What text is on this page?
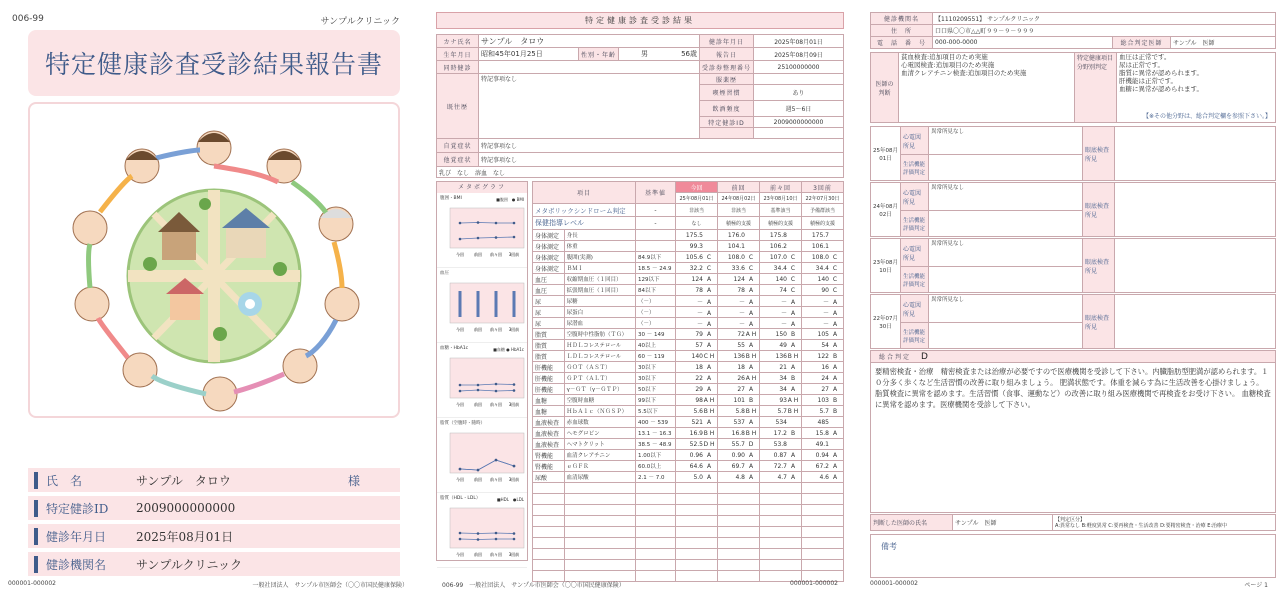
006-99	サンプルクリニック
特定健康診査受診結果報告書
氏　名	サンプル　タロウ	様
特定健診ID	2009000000000
健診年月日	2025年08月01日
健診機関名	サンプルクリニック
000001-000002	一般社団法人　サンプル市医師会（〇〇市国民健康保険）
特定健康診査受診結果
カナ氏名	サンプル　タロウ			健診年月日	2025年08月01日
生年月日	昭和45年01月25日	性別・年齢	男 56歳	報告日	2025年08月09日
同時健診				受診券整理番号	25100000000
既往歴	特記事項なし			服薬歴	
				喫煙習慣	あり
				飲酒頻度	週5～6日
				特定健診ID	2009000000000

自覚症状	特記事項なし				
他覚症状	特記事項なし				
乳び　なし　溶血　なし					
メタボグラフ
腹囲・BMI	■腹囲　● BMI
今回	前回 前々回 3回前
血圧
今回	前回 前々回 3回前
血糖・HbA1c	■血糖 ● HbA1c
今回	前回 前々回 3回前
脂質（空腹時・随時）
今回	前回 前々回 3回前
脂質（HDL・LDL）	■HDL　●LDL
今回	前回 前々回 3回前
項目		基準値	今回	前回	前々回	3回前
			25年08月01日	24年08月02日	23年08月10日	22年07月30日
メタボリックシンドローム判定		-	非該当	非該当	基準該当	予備群該当
保健指導レベル		-	なし	積極的支援	積極的支援	積極的支援
身体測定	身長		175.5	176.0	175.8	175.7
身体測定	体重		99.3	104.1	106.2	106.1
身体測定	腹囲(実測)	84.9以下	105.6 C	108.0 C	107.0 C	108.0 C
身体測定	ＢＭＩ	18.5 － 24.9	32.2 C	33.6 C	34.4 C	34.4 C
血圧	収縮期血圧（１回目）	129以下	124 A	124 A	140 C	140 C
血圧	拡張期血圧（１回目）	84以下	78 A	78 A	74 C	90 C
尿	尿糖	（－）	－ A	－ A	－ A	－ A
尿	尿蛋白	（－）	－ A	－ A	－ A	－ A
尿	尿潜血	（－）	－ A	－ A	－ A	－ A
脂質	空腹時中性脂肪（ＴＧ）	30 － 149	79 A	72A H	150 B	105 A
脂質	ＨＤＬコレステロール	40以上	57 A	55 A	49 A	54 A
脂質	ＬＤＬコレステロール	60 － 119	140C H	136B H	136B H	122 B
肝機能	ＧＯＴ（ＡＳＴ）	30以下	18 A	18 A	21 A	16 A
肝機能	ＧＰＴ（ＡＬＴ）	30以下	22 A	26A H	34 B	24 A
肝機能	γ－ＧＴ（γ－ＧＴＰ）	50以下	29 A	27 A	34 A	27 A
血糖	空腹時血糖	99以下	98A H	101 B	93A H	103 B
血糖	ＨｂＡ１ｃ（ＮＧＳＰ）	5.5以下	5.6B H	5.8B H	5.7B H	5.7 B
血液検査	赤血球数	400 － 539	521 A	537 A	534	485
血液検査	ヘモグロビン	13.1 － 16.3	16.9B H	16.8B H	17.2 B	15.8 A
血液検査	ヘマトクリット	38.5 － 48.9	52.5D H	55.7 D	53.8	49.1
腎機能	血清クレアチニン	1.00以下	0.96 A	0.90 A	0.87 A	0.94 A
腎機能	ｅＧＦＲ	60.0以上	64.6 A	69.7 A	72.7 A	67.2 A
尿酸	血清尿酸	2.1 － 7.0	5.0 A	4.8 A	4.7 A	4.6 A

006-99　一般社団法人　サンプル市医師会（〇〇市国民健康保険）	000001-000002
健診機関名	【1110209551】 サンプルクリニック		
住　所	口口県〇〇市△△町９９－９－９９９		
電　話　番　号	000-000-0000	総合判定医師	サンプル　医師
医師の判断	
貧血検査:追加項目のため実施
心電図検査:追加項目のため実施
血清クレアチニン検査:追加項目のため実施
	特定健康項目分野別判定	
血圧は正常です。
尿は正常です。
脂質に異常が認められます。
肝機能は正常です。
血糖に異常が認められます。
【※その他分野は、総合判定欄を参照下さい。】
25年08月01日	心電図所見	異常所見なし	眼底検査所見	
	生活機能評価判定			
24年08月02日	心電図所見	異常所見なし	眼底検査所見	
	生活機能評価判定			
23年08月10日	心電図所見	異常所見なし	眼底検査所見	
	生活機能評価判定			
22年07月30日	心電図所見	異常所見なし	眼底検査所見	
	生活機能評価判定			
総合判定 D
要精密検査・治療　精密検査または治療が必要ですので医療機関を受診して下さい。内臓脂肪型肥満が認められます。１０分多く歩くなど生活習慣の改善に取り組みましょう。 肥満状態です。体重を減らす為に生活改善を心掛けましょう。 脂質検査に異常を認めます。生活習慣（食事、運動など）の改善に取り組み医療機関で再検査をお受け下さい。 血糖検査に異常を認めます。医療機関を受診して下さい。
判断した医師の氏名	サンプル　医師	
【判定区分】
A:異常なし B:軽度異常 C:要再検査・生活改善 D:要精密検査・治療 E:治療中
備考
000001-000002	ページ 1
